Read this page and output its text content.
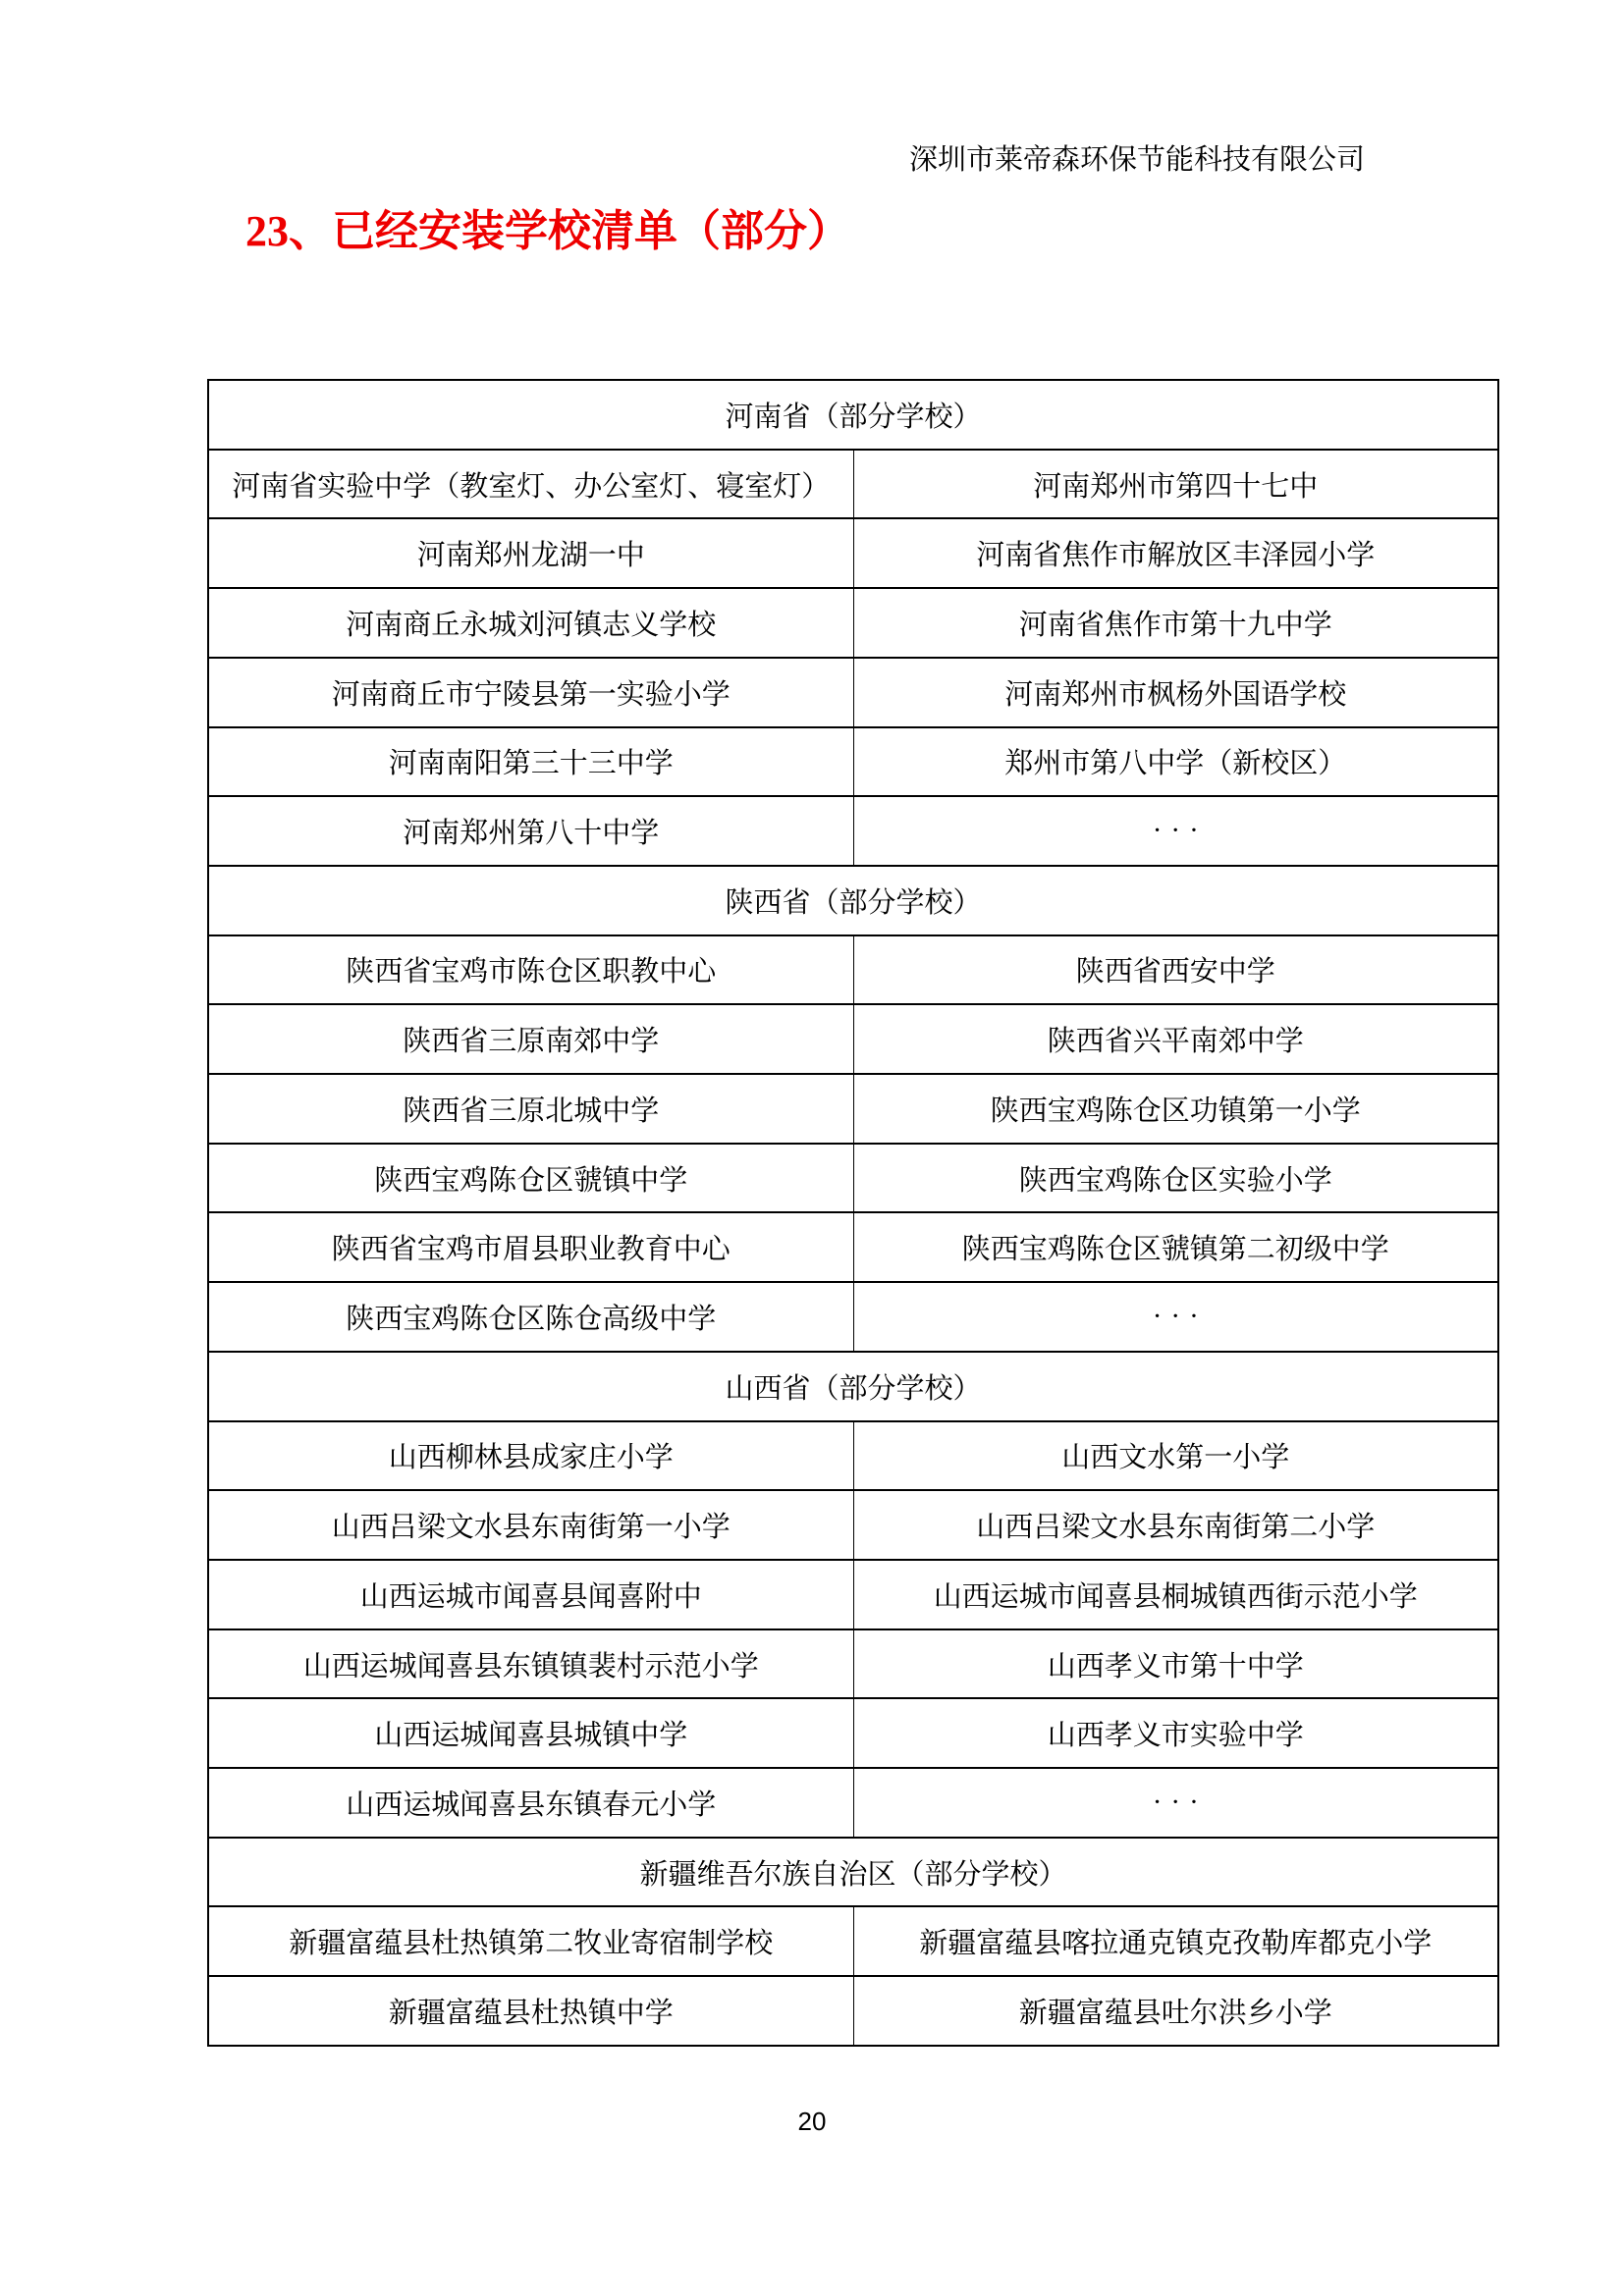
深圳市莱帝森环保节能科技有限公司
23、已经安装学校清单（部分）
河南省（部分学校）	
河南省实验中学（教室灯、办公室灯、寝室灯）	河南郑州市第四十七中
河南郑州龙湖一中	河南省焦作市解放区丰泽园小学
河南商丘永城刘河镇志义学校	河南省焦作市第十九中学
河南商丘市宁陵县第一实验小学	河南郑州市枫杨外国语学校
河南南阳第三十三中学	郑州市第八中学（新校区）
河南郑州第八十中学	···
陕西省（部分学校）	
陕西省宝鸡市陈仓区职教中心	陕西省西安中学
陕西省三原南郊中学	陕西省兴平南郊中学
陕西省三原北城中学	陕西宝鸡陈仓区功镇第一小学
陕西宝鸡陈仓区虢镇中学	陕西宝鸡陈仓区实验小学
陕西省宝鸡市眉县职业教育中心	陕西宝鸡陈仓区虢镇第二初级中学
陕西宝鸡陈仓区陈仓高级中学	···
山西省（部分学校）	
山西柳林县成家庄小学	山西文水第一小学
山西吕梁文水县东南街第一小学	山西吕梁文水县东南街第二小学
山西运城市闻喜县闻喜附中	山西运城市闻喜县桐城镇西街示范小学
山西运城闻喜县东镇镇裴村示范小学	山西孝义市第十中学
山西运城闻喜县城镇中学	山西孝义市实验中学
山西运城闻喜县东镇春元小学	···
新疆维吾尔族自治区（部分学校）	
新疆富蕴县杜热镇第二牧业寄宿制学校	新疆富蕴县喀拉通克镇克孜勒库都克小学
新疆富蕴县杜热镇中学	新疆富蕴县吐尔洪乡小学
20
